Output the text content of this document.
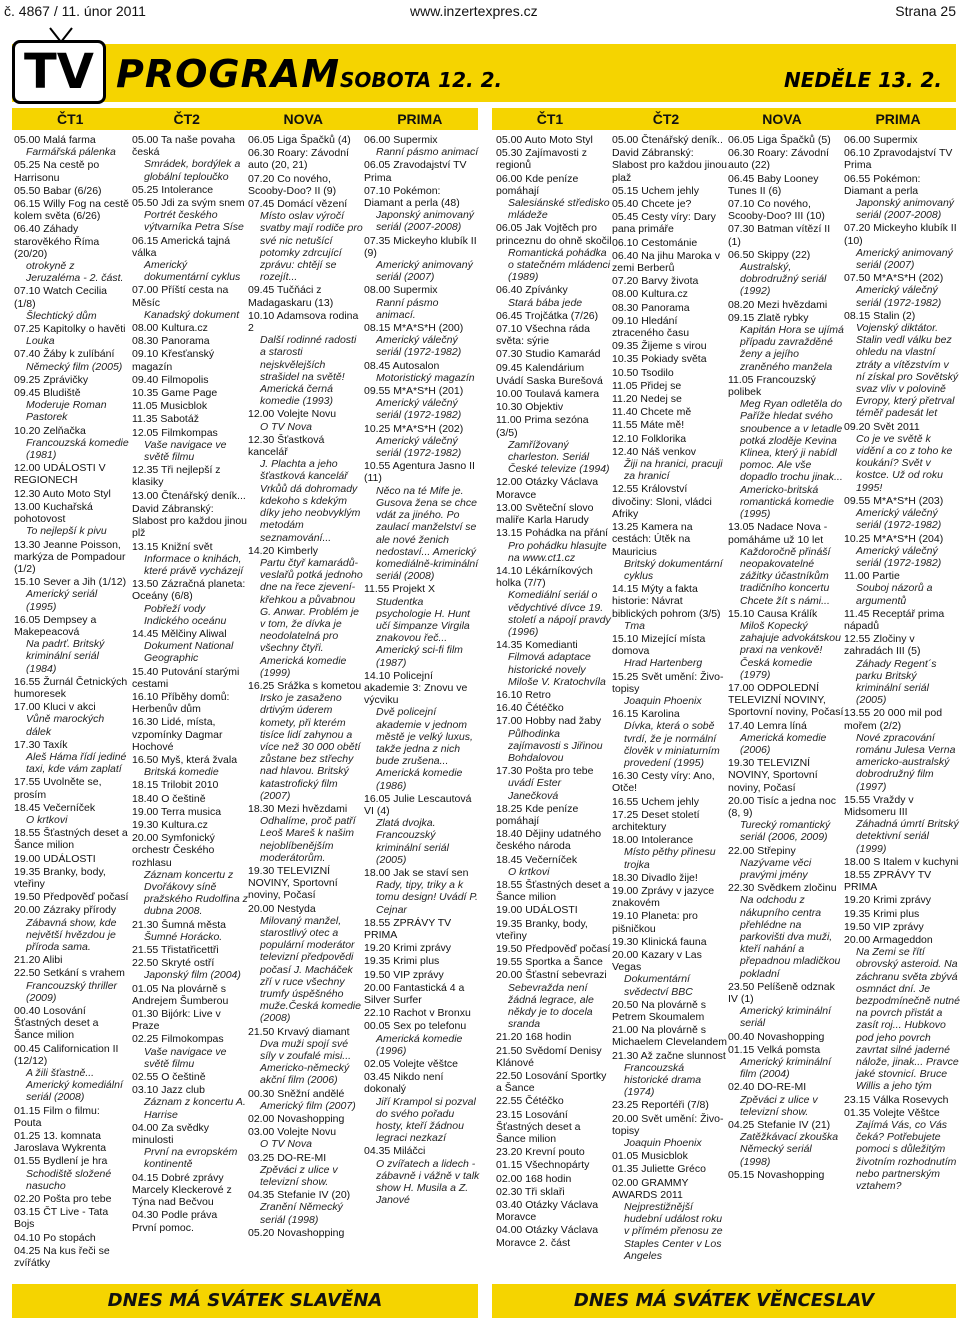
č. 4867 / 11. únor 2011	www.inzertexpres.cz	Strana 25
TV PROGRAM SOBOTA 12. 2.	NEDĚLE 13. 2.
ČT1	ČT2	NOVA	PRIMA	ČT1	ČT2	NOVA	PRIMA
05.00 Malá farma
Farmářská pálenka
05.25 Na cestě po Harrisonu
05.50 Babar (6/26)
06.15 Willy Fog na cestě kolem světa (6/26)
06.40 Záhady starověkého Říma (20/20)
otrokyně z Jeruzaléma - 2. část.
07.10 Watch Cecilia (1/8)
Šlechtický dům
07.25 Kapitolky o havěti
Louka
07.40 Žáby k zulíbání
Německý film (2005)
09.25 Zprávičky
09.45 Bludiště
Moderuje Roman Pastorek
10.20 Zelňačka
Francouzská komedie (1981)
12.00 UDÁLOSTI V REGIONECH
12.30 Auto Moto Styl
13.00 Kuchařská pohotovost
To nejlepší k pivu
13.30 Jeanne Poisson, markýza de Pompadour (1/2)
15.10 Sever a Jih (1/12)
Americký seriál (1995)
16.05 Dempsey a Makepeacová
Na padrť. Britský kriminální seriál (1984)
16.55 Žurnál Četnických humoresek
17.00 Kluci v akci
Vůně marockých dálek
17.30 Taxík
Aleš Háma řídí jediné taxi, kde vám zaplatí
17.55 Uvolněte se, prosím
18.45 Večerníček
O krtkovi
18.55 Šťastných deset a Šance milion
19.00 UDÁLOSTI
19.35 Branky, body, vteřiny
19.50 Předpověď počasí
20.00 Zázraky přírody
Zábavná show, kde největší hvězdou je příroda sama.
21.20 Alibi
22.50 Setkání s vrahem
Francouzský thriller (2009)
00.40 Losování Šťastných deset a Šance milion
00.45 Californication II (12/12)
A žili šťastně... Americký komediální seriál (2008)
01.15 Film o filmu: Pouta
01.25 13. komnata Jaroslava Wykrenta
01.55 Bydlení je hra
Schodiště složené nasucho
02.20 Pošta pro tebe
03.15 ČT Live - Tata Bojs
04.10 Po stopách
04.25 Na kus řeči se zvířátky
05.00 Ta naše povaha česká
Smrádek, bordýlek a globální teploučko
05.25 Intolerance
05.50 Jdi za svým snem
Portrét českého výtvarníka Petra Síse
06.15 Americká tajná válka
Americký dokumentární cyklus
07.00 Příští cesta na Měsíc
Kanadský dokument
08.00 Kultura.cz
08.30 Panorama
09.10 Křesťanský magazín
09.40 Filmopolis
10.35 Game Page
11.05 Musicblok
11.35 Sabotáž
12.05 Filmkompas
Vaše navigace ve světě filmu
12.35 Tři nejlepší z klasiky
13.00 Čtenářský deník...
David Zábranský: Slabost pro každou jinou plž
13.15 Knižní svět
Informace o knihách, které právě vycházejí
13.50 Zázračná planeta: Oceány (6/8)
Pobřeží vody Indického oceánu
14.45 Mělčiny Aliwal
Dokument National Geographic
15.40 Putování starými cestami
16.10 Příběhy domů: Herbenův dům
16.30 Lidé, místa, vzpomínky Dagmar Hochové
16.50 Myš, která žvala
Britská komedie
18.15 Trilobit 2010
18.40 O češtině
19.00 Terra musica
19.30 Kultura.cz
20.00 Symfonický orchestr Českého rozhlasu
Záznam koncertu z Dvořákovy síně pražského Rudolfina z dubna 2008.
21.30 Šumná města
Šumné Horácko.
21.55 Třistatřicettři
22.50 Skryté ostří
Japonský film (2004)
01.05 Na plovárně s Andrejem Šumberou
01.30 Bijórk: Live v Praze
02.25 Filmokompas
Vaše navigace ve světě filmu
02.55 O češtině
03.10 Jazz club
Záznam z koncertu A. Harrise
04.00 Za svědky minulosti
První na evropském kontinentě
04.15 Dobré zprávy Marcely Kleckerové z Týna nad Bečvou
04.30 Podle práva
První pomoc.
06.05 Liga Špačků (4)
06.30 Roary: Závodní auto (20, 21)
07.20 Co nového, Scooby-Doo? II (9)
07.45 Domácí vězení
Místo oslav výročí svatby mají rodiče pro své nic netušící potomky zdrcující zprávu: chtějí se rozejít...
09.45 Tučňáci z Madagaskaru (13)
10.10 Adamsova rodina 2
Další rodinné radosti a starosti nejskvělejších strašidel na světě! Americká černá komedie (1993)
12.00 Volejte Novu
O TV Nova
12.30 Šťastková kancelář
J. Plachta a jeho šťastková kancelář Vrkůů dá dohromady kdekoho s kdekým díky jeho neobvyklým metodám seznamování...
14.20 Kimberly
Partu čtyř kamarádů-veslařů potká jednoho dne na řece zjevení-křehkou a půvabnou G. Anwar. Problém je v tom, že dívka je neodolatelná pro všechny čtyři. Americká komedie (1999)
16.25 Srážka s kometou
Irsko je zasaženo drtivým úderem komety, při kterém tisíce lidí zahynou a více než 30 000 obětí zůstane bez střechy nad hlavou. Britský katastrofický film (2007)
18.30 Mezi hvězdami
Odhalíme, proč patří Leoš Mareš k našim nejoblíbenějším moderátorům.
19.30 TELEVIZNÍ NOVINY, Sportovní noviny, Počasí
20.00 Nestyda
Milovaný manžel, starostlivý otec a populární moderátor televizní předpovědi počasí J. Macháček zří v ruce všechny trumfy úspěšného muže.Česká komedie (2008)
21.50 Krvavý diamant
Dva muži spojí své síly v zoufalé misi... Americko-německý akční film (2006)
00.30 Sněžní andělé
Americký film (2007)
02.00 Novashopping
03.00 Volejte Novu
O TV Nova
03.25 DO-RE-MI
Zpěváci z ulice v televizní show.
04.35 Stefanie IV (20)
Zranění Německý seriál (1998)
05.20 Novashopping
06.00 Supermix
Ranní pásmo animací
06.05 Zravodajství TV Prima
07.10 Pokémon: Diamant a perla (48)
Japonský animovaný seriál (2007-2008)
07.35 Mickeyho klubík II (9)
Americký animovaný seriál (2007)
08.00 Supermix
Ranní pásmo animací.
08.15 M*A*S*H (200)
Americký válečný seriál (1972-1982)
08.45 Autosalon
Motoristický magazín
09.55 M*A*S*H (201)
Americký válečný seriál (1972-1982)
10.25 M*A*S*H (202)
Americký válečný seriál (1972-1982)
10.55 Agentura Jasno II (11)
Něco na té Mife je. Gusova žena se chce vdát za jiného. Po zaulací manželství se ale nové ženich nedostaví... Americký komediálně-kriminální seriál (2008)
11.55 Projekt X
Studentka psychologie H. Hunt učí šimpanze Virgila znakovou řeč... Americký sci-fi film (1987)
14.10 Policejní akademie 3: Znovu ve výcviku
Dvě policejní akademie v jednom městě je velký luxus, takže jedna z nich bude zrušena... Americká komedie (1986)
16.05 Julie Lescautová VI (4)
Zlatá dvojka. Francouzský kriminální seriál (2005)
18.00 Jak se staví sen
Rady, tipy, triky a k tomu design! Uvádí P. Cejnar
18.55 ZPRÁVY TV PRIMA
19.20 Krimi zprávy
19.35 Krimi plus
19.50 VIP zprávy
20.00 Fantastická 4 a Silver Surfer
22.10 Rachot v Bronxu
00.05 Sex po telefonu
Americká komedie (1996)
02.05 Volejte věštce
03.45 Nikdo není dokonalý
Jiří Krampol si pozval do svého pořadu hosty, kteří žádnou legraci nezkazí
04.35 Miláčci
O zvířatech a lidech - zábavně i vážně v talk show H. Musila a Z. Janové
05.00 Auto Moto Styl
05.30 Zajímavosti z regionů
06.00 Kde peníze pomáhají
Salesiánské středisko mládeže
06.05 Jak Vojtěch pro princeznu do ohně skočil
Romantická pohádka o statečném mládenci (1989)
06.40 Zpívánky
Stará bába jede
06.45 Trojčátka (7/26)
07.10 Všechna ráda světa: sýrie
07.30 Studio Kamarád
09.45 Kalendárium
Uvádí Saska Burešová
10.00 Toulavá kamera
10.30 Objektiv
11.00 Prima sezóna (3/5)
Zamřížovaný charleston. Seriál České televize (1994)
12.00 Otázky Václava Moravce
13.00 Světeční slovo maliře Karla Harudy
13.15 Pohádka na přání
Pro pohádku hlasujte na www.ct1.cz
14.10 Lékárníkových holka (7/7)
Komediální seriál o vědychtivé dívce 19. století a nápojí pravdy (1996)
14.35 Komedianti
Filmová adaptace historické novely Miloše V. Kratochvíla
16.10 Retro
16.40 Čétéčko
17.00 Hobby nad žaby
Půlhodinka zajímavosti s Jiřinou Bohdalovou
17.30 Pošta pro tebe
uvádí Ester Janečková
18.25 Kde peníze pomáhají
18.40 Dějiny udatného českého národa
18.45 Večerníček
O krtkovi
18.55 Šťastných deset a Šance milion
19.00 UDÁLOSTI
19.35 Branky, body, vteřiny
19.50 Předpověď počasí
19.55 Sportka a Šance
20.00 Šťastní sebevrazi
Sebevražda není žádná legrace, ale někdy je to docela sranda
21.20 168 hodin
21.50 Svědomí Denisy Klánové
22.50 Losování Sportky a Šance
22.55 Čétéčko
23.15 Losování Šťastných deset a Šance milion
23.20 Krevní pouto
01.15 Všechnopárty
02.00 168 hodin
02.30 Tři sklaři
03.40 Otázky Václava Moravce
04.00 Otázky Václava Moravce 2. část
05.00 Čtenářský deník..
David Zábranský: Slabost pro každou jinou plaž
05.15 Uchem jehly
05.40 Chcete je?
05.45 Cesty víry: Dary pana primáře
06.10 Cestománie
06.40 Na jihu Maroka v zemi Berberů
07.20 Barvy života
08.00 Kultura.cz
08.30 Panorama
09.10 Hledání ztraceného času
09.35 Žijeme s virou
10.35 Pokiady světa
10.50 Tsodilo
11.05 Přidej se
11.20 Nedej se
11.40 Chcete mě
11.55 Máte mě!
12.10 Folklorika
12.40 Náš venkov
Žiji na hranici, pracuji za hranicí
12.55 Království divočiny: Sloni, vládci Afriky
13.25 Kamera na cestách: Útěk na Mauricius
Britský dokumentární cyklus
14.15 Mýty a fakta historie: Návrat biblických pohrom (3/5)
Tma
15.10 Mizející místa domova
Hrad Hartenberg
15.25 Svět umění: Životopisy
Joaquin Phoenix
16.15 Karolina
Dívka, která o sobě tvrdí, že je normální člověk v miniaturním provedení (1995)
16.30 Cesty víry: Ano, Otče!
16.55 Uchem jehly
17.25 Deset století architektury
18.00 Intolerance
Místo pěthy přinesu trojka
18.30 Divadlo žije!
19.00 Zprávy v jazyce znakovém
19.10 Planeta: pro pišničkou
19.30 Klinická fauna
20.00 Kazary v Las Vegas
Dokumentární svědectví BBC
20.50 Na plovárně s Petrem Skoumalem
21.00 Na plovárně s Michaelem Clevelandem
21.30 Až začne slunnost
Francouzská historické drama (1974)
23.25 Reportéři (7/8)
20.00 Svět umění: Životopisy
Joaquin Phoenix
01.05 Musicblok
01.35 Juliette Gréco
02.00 GRAMMY AWARDS 2011
Nejprestižnější hudební událost roku v přímém přenosu ze Staples Center v Los Angeles
06.05 Liga Špačků (5)
06.30 Roary: Závodní auto (22)
06.45 Baby Looney Tunes II (6)
07.10 Co nového, Scooby-Doo? III (10)
07.30 Batman vítězí II (1)
06.50 Skippy (22)
Australský, dobrodružný seriál (1992)
08.20 Mezi hvězdami
09.15 Zlatě rybky
Kapitán Hora se ujímá případu zavražděné ženy a jejího zraněného manžela
11.05 Francouzský polibek
Meg Ryan odletěla do Paříže hledat svého snoubence a v letadle potká zloděje Kevina Klinea, který ji nabídl pomoc. Ale vše dopadlo trochu jinak... Americko-britská romantická komedie (1995)
13.05 Nadace Nova - pomáháme už 10 let
Každoročně přináší neopakovatelné zážitky účastníkům tradičního koncertu Chcete žít s námi...
15.10 Causa Králík
Miloš Kopecký zahajuje advokátskou praxi na venkově! Česká komedie (1979)
17.00 ODPOLEDNÍ TELEVIZNÍ NOVINY, Sportovní noviny, Počasí
17.40 Lemra líná
Americká komedie (2006)
19.30 TELEVIZNÍ NOVINY, Sportovní noviny, Počasí
20.00 Tisíc a jedna noc (8, 9)
Turecký romantický seriál (2006, 2009)
22.00 Střepiny
Nazývame věci pravými jmény
22.30 Svědkem zločinu
Na odchodu z nákupního centra přehlédne na parkovišti dva muži, kteří nahání a přepadnou mladičkou pokladní
23.50 Pelíšeně odznak IV (1)
Americký kriminální seriál
00.40 Novashopping
01.15 Velká pomsta
Americký kriminální film (2004)
02.40 DO-RE-MI
Zpěváci z ulice v televizní show.
04.25 Stefanie IV (21)
Zatěžkávací zkouška Německý seriál (1998)
05.15 Novashopping
06.00 Supermix
06.10 Zpravodajství TV Prima
06.55 Pokémon: Diamant a perla
Japonský animovaný seriál (2007-2008)
07.20 Mickeyho klubík II (10)
Americký animovaný seriál (2007)
07.50 M*A*S*H (202)
Americký válečný seriál (1972-1982)
08.15 Stalin (2)
Vojenský diktátor. Stalin vedl válku bez ohledu na vlastní ztráty a vítězstvím v ní získal pro Sovětský svaz vliv v polovině Evropy, který přetrval téměř padesát let
09.20 Svět 2011
Co je ve světě k vidění a co z toho ke koukání? Svět v kostce. Už od roku 1995!
09.55 M*A*S*H (203)
Americký válečný seriál (1972-1982)
10.25 M*A*S*H (204)
Americký válečný seriál (1972-1982)
11.00 Partie
Souboj názorů a argumentů
11.45 Receptář prima nápadů
12.55 Zločiny v zahradách III (5)
Záhady Regent´s parku Britský kriminální seriál (2005)
13.55 20 000 mil pod mořem (2/2)
Nové zpracování románu Julesa Verna americko-australský dobrodružný film (1997)
15.55 Vraždy v Midsomeru III
Záhadná úmrtí Britský detektivní seriál (1999)
18.00 S Italem v kuchyni
18.55 ZPRÁVY TV PRIMA
19.20 Krimi zprávy
19.35 Krimi plus
19.50 VIP zprávy
20.00 Armageddon
Na Zemi se řítí obrovský asteroid. Na záchranu světa zbývá osmnáct dní. Je bezpodmínečně nutné na povrch přistát a zasít roj... Hubkovo pod jeho povrch zavrtat silné jaderné nálože, jinak... Pravce jaké stovnicí. Bruce Willis a jeho tým
23.15 Válka Rosevych
01.35 Volejte Věštce
Zajímá Vás, co Vás čeká? Potřebujete pomoci s důležitým životním rozhodnutím nebo partnerským vztahem?
DNES MÁ SVÁTEK SLAVĚNA	DNES MÁ SVÁTEK VĚNCESLAV
